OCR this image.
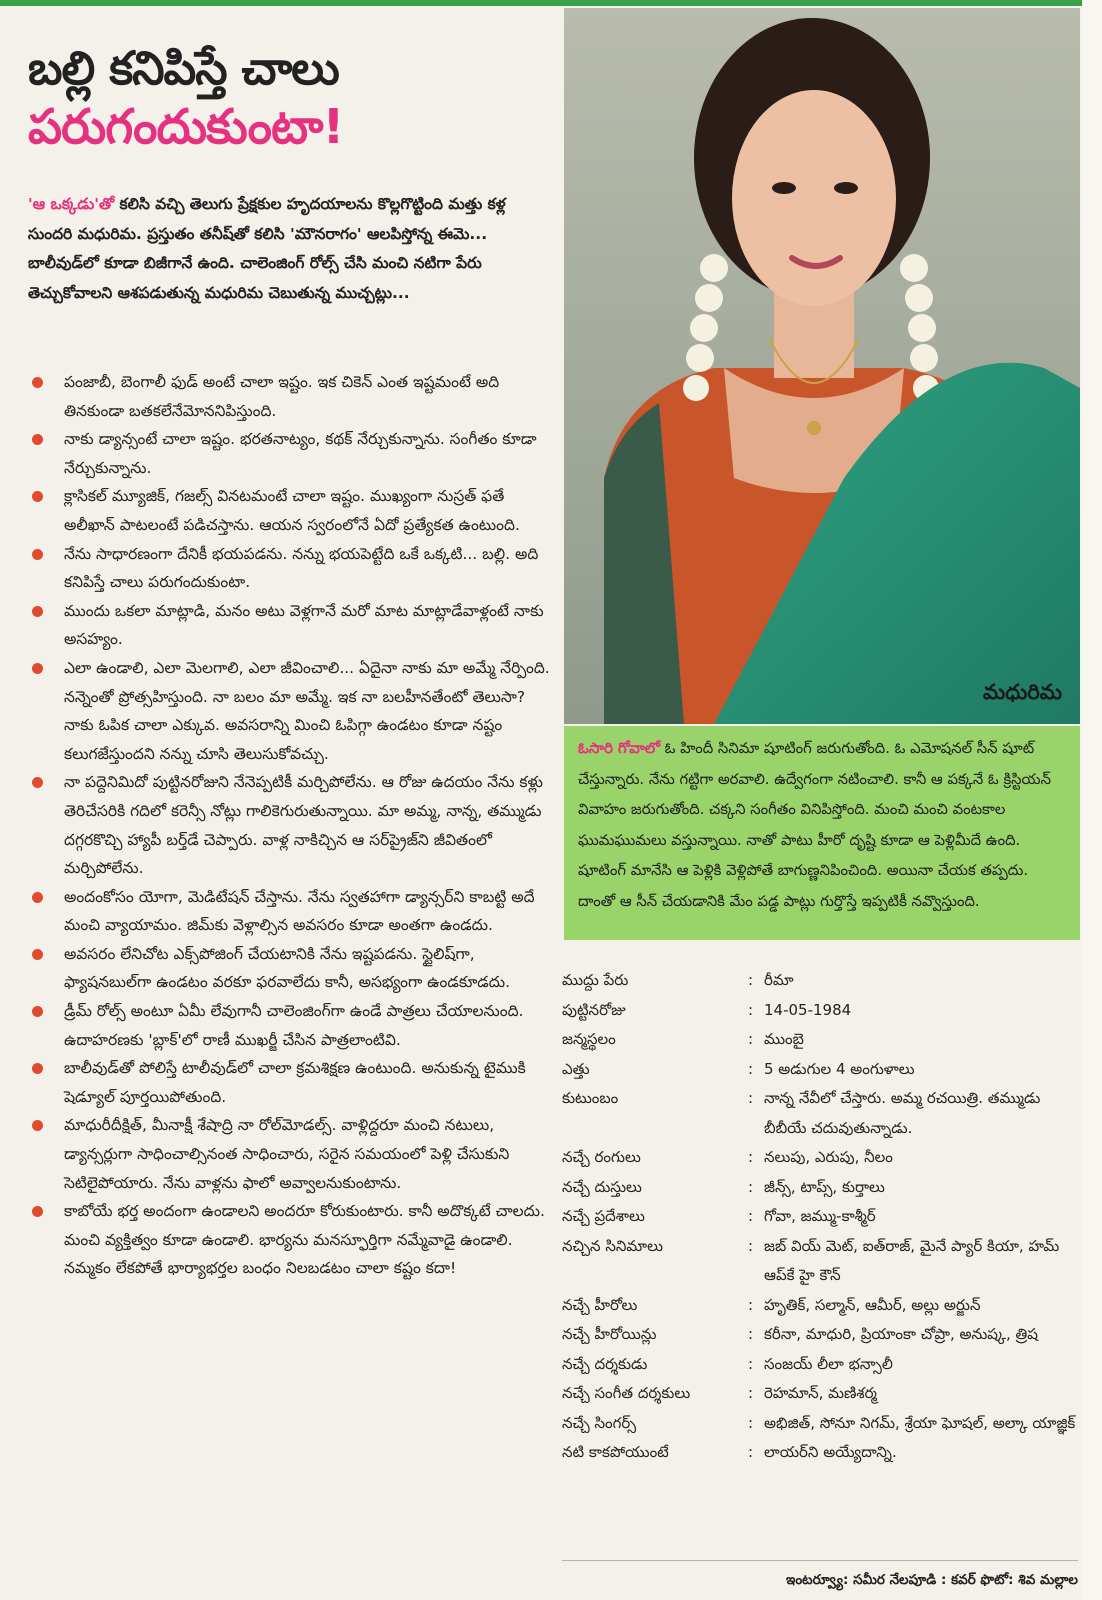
బల్లి కనిపిస్తే చాలు
పరుగందుకుంటా!
'ఆ ఒక్కడు'తో కలిసి వచ్చి తెలుగు ప్రేక్షకుల హృదయాలను కొల్లగొట్టింది మత్తు కళ్ల సుందరి మధురిమ. ప్రస్తుతం తనీష్‌తో కలిసి 'మౌనరాగం' ఆలపిస్తోన్న ఈమె... బాలీవుడ్‌లో కూడా బిజీగానే ఉంది. చాలెంజింగ్ రోల్స్ చేసి మంచి నటిగా పేరు తెచ్చుకోవాలని ఆశపడుతున్న మధురిమ చెబుతున్న ముచ్చట్లు...
పంజాబీ, బెంగాలీ ఫుడ్ అంటే చాలా ఇష్టం. ఇక చికెన్ ఎంత ఇష్టమంటే అది తినకుండా బతకలేనేమోననిపిస్తుంది.
నాకు డ్యాన్సంటే చాలా ఇష్టం. భరతనాట్యం, కథక్ నేర్చుకున్నాను. సంగీతం కూడా నేర్చుకున్నాను.
క్లాసికల్ మ్యూజిక్, గజల్స్ వినటమంటే చాలా ఇష్టం. ముఖ్యంగా నుస్రత్ ఫతే అలీఖాన్ పాటలంటే పడిచస్తాను. ఆయన స్వరంలోనే ఏదో ప్రత్యేకత ఉంటుంది.
నేను సాధారణంగా దేనికీ భయపడను. నన్ను భయపెట్టేది ఒకే ఒక్కటి... బల్లి. అది కనిపిస్తే చాలు పరుగందుకుంటా.
ముందు ఒకలా మాట్లాడి, మనం అటు వెళ్లగానే మరో మాట మాట్లాడేవాళ్లంటే నాకు అసహ్యం.
ఎలా ఉండాలి, ఎలా మెలగాలి, ఎలా జీవించాలి... ఏదైనా నాకు మా అమ్మే నేర్పింది. నన్నెంతో ప్రోత్సహిస్తుంది. నా బలం మా అమ్మే. ఇక నా బలహీనతేంటో తెలుసా? నాకు ఓపిక చాలా ఎక్కువ. అవసరాన్ని మించి ఓపిగ్గా ఉండటం కూడా నష్టం కలుగజేస్తుందని నన్ను చూసి తెలుసుకోవచ్చు.
నా పద్దెనిమిదో పుట్టినరోజుని నేనెప్పటికీ మర్చిపోలేను. ఆ రోజు ఉదయం నేను కళ్లు తెరిచేసరికి గదిలో కరెన్సీ నోట్లు గాలికెగురుతున్నాయి. మా అమ్మ, నాన్న, తమ్ముడు దగ్గరకొచ్చి హ్యాపీ బర్త్‌డే చెప్పారు. వాళ్ల నాకిచ్చిన ఆ సర్‌ప్రైజ్‌ని జీవితంలో మర్చిపోలేను.
అందంకోసం యోగా, మెడిటేషన్ చేస్తాను. నేను స్వతహాగా డ్యాన్సర్‌ని కాబట్టి అదే మంచి వ్యాయామం. జిమ్‌కు వెళ్లాల్సిన అవసరం కూడా అంతగా ఉండదు.
అవసరం లేనిచోట ఎక్స్‌పోజింగ్ చేయటానికి నేను ఇష్టపడను. స్టైలిష్‌గా, ఫ్యాషనబుల్‌గా ఉండటం వరకూ ఫరవాలేదు కానీ, అసభ్యంగా ఉండకూడదు.
డ్రీమ్ రోల్స్ అంటూ ఏమీ లేవుగానీ చాలెంజింగ్‌గా ఉండే పాత్రలు చేయాలనుంది. ఉదాహరణకు 'బ్లాక్'లో రాణీ ముఖర్జీ చేసిన పాత్రలాంటివి.
బాలీవుడ్‌తో పోలిస్తే టాలీవుడ్‌లో చాలా క్రమశిక్షణ ఉంటుంది. అనుకున్న టైముకి షెడ్యూల్ పూర్తయిపోతుంది.
మాధురీదీక్షిత్, మీనాక్షీ శేషాద్రి నా రోల్‌మోడల్స్. వాళ్లిద్దరూ మంచి నటులు, డ్యాన్సర్లుగా సాధించాల్సినంత సాధించారు, సరైన సమయంలో పెళ్లి చేసుకుని సెటిలైపోయారు. నేను వాళ్లను ఫాలో అవ్వాలనుకుంటాను.
కాబోయే భర్త అందంగా ఉండాలని అందరూ కోరుకుంటారు. కానీ అదొక్కటే చాలదు. మంచి వ్యక్తిత్వం కూడా ఉండాలి. భార్యను మనస్ఫూర్తిగా నమ్మేవాడై ఉండాలి. నమ్మకం లేకపోతే భార్యాభర్తల బంధం నిలబడటం చాలా కష్టం కదా!
మధురిమ
ఓసారి గోవాలో ఓ హిందీ సినిమా షూటింగ్ జరుగుతోంది. ఓ ఎమోషనల్ సీన్ షూట్ చేస్తున్నారు. నేను గట్టిగా అరవాలి. ఉద్వేగంగా నటించాలి. కానీ ఆ పక్కనే ఓ క్రిస్టియన్ వివాహం జరుగుతోంది. చక్కని సంగీతం వినిపిస్తోంది. మంచి మంచి వంటకాల ఘుమఘుమలు వస్తున్నాయి. నాతో పాటు హీరో దృష్టి కూడా ఆ పెళ్లిమీదే ఉంది. షూటింగ్ మానేసి ఆ పెళ్లికి వెళ్లిపోతే బాగుణ్ణనిపించింది. అయినా చేయక తప్పదు. దాంతో ఆ సీన్ చేయడానికి మేం పడ్డ పాట్లు గుర్తొస్తే ఇప్పటికీ నవ్వొస్తుంది.
ముద్దు పేరు	: రీమా
పుట్టినరోజు	: 14-05-1984
జన్మస్థలం	: ముంబై
ఎత్తు	: 5 అడుగుల 4 అంగుళాలు
కుటుంబం	: నాన్న నేవీలో చేస్తారు. అమ్మ రచయిత్రి. తమ్ముడు బీబీయే చదువుతున్నాడు.
నచ్చే రంగులు	: నలుపు, ఎరుపు, నీలం
నచ్చే దుస్తులు	: జీన్స్, టాప్స్, కుర్తాలు
నచ్చే ప్రదేశాలు	: గోవా, జమ్ము-కాశ్మీర్
నచ్చిన సినిమాలు	: జబ్ వియ్ మెట్, ఐత్‌రాజ్, మైనే ప్యార్ కియా, హమ్ ఆప్‌కే హై కౌన్
నచ్చే హీరోలు	: హృతిక్, సల్మాన్, ఆమీర్, అల్లు అర్జున్
నచ్చే హీరోయిన్లు	: కరీనా, మాధురి, ప్రియాంకా చోప్రా, అనుష్క, త్రిష
నచ్చే దర్శకుడు	: సంజయ్ లీలా భన్సాలీ
నచ్చే సంగీత దర్శకులు	: రెహమాన్, మణిశర్మ
నచ్చే సింగర్స్	: అభిజిత్, సోనూ నిగమ్, శ్రేయా ఘోషల్, అల్కా యాజ్ఞిక్
నటి కాకపోయుంటే	: లాయర్‌ని అయ్యేదాన్ని.
ఇంటర్వ్యూ: సమీర నేలపూడి : కవర్ ఫొటో: శివ మల్లాల
